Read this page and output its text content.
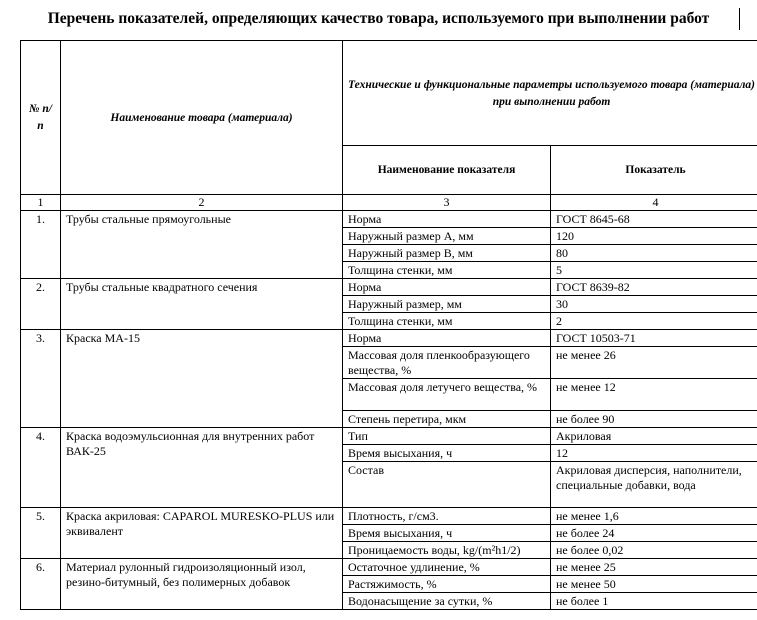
Перечень показателей, определяющих качество товара, используемого при выполнении работ
№ п/п	Наименование товара (материала)	Технические и функциональные параметры используемого товара (материала) при выполнении работ	
		Наименование показателя	Показатель
1	2	3	4
1.	Трубы стальные прямоугольные	Норма	ГОСТ 8645-68
		Наружный размер А, мм	120
		Наружный размер В, мм	80
		Толщина стенки, мм	5
2.	Трубы стальные квадратного сечения	Норма	ГОСТ 8639-82
		Наружный размер, мм	30
		Толщина стенки, мм	2
3.	Краска МА-15	Норма	ГОСТ 10503-71
		Массовая доля пленкообразующего вещества, %	не менее 26
		Массовая доля летучего вещества, %	не менее 12
		Степень перетира, мкм	не более 90
4.	Краска водоэмульсионная для внутренних работ ВАК-25	Тип	Акриловая
		Время высыхания, ч	12
		Состав	Акриловая дисперсия, наполнители, специальные добавки, вода
5.	Краска акриловая: CAPAROL MURESKO-PLUS или эквивалент	Плотность, г/см3.	не менее 1,6
		Время высыхания, ч	не более 24
		Проницаемость воды, kg/(m²h1/2)	не более 0,02
6.	Материал рулонный гидроизоляционный изол, резино-битумный, без полимерных добавок	Остаточное удлинение, %	не менее 25
		Растяжимость, %	не менее 50
		Водонасыщение за сутки, %	не более 1
